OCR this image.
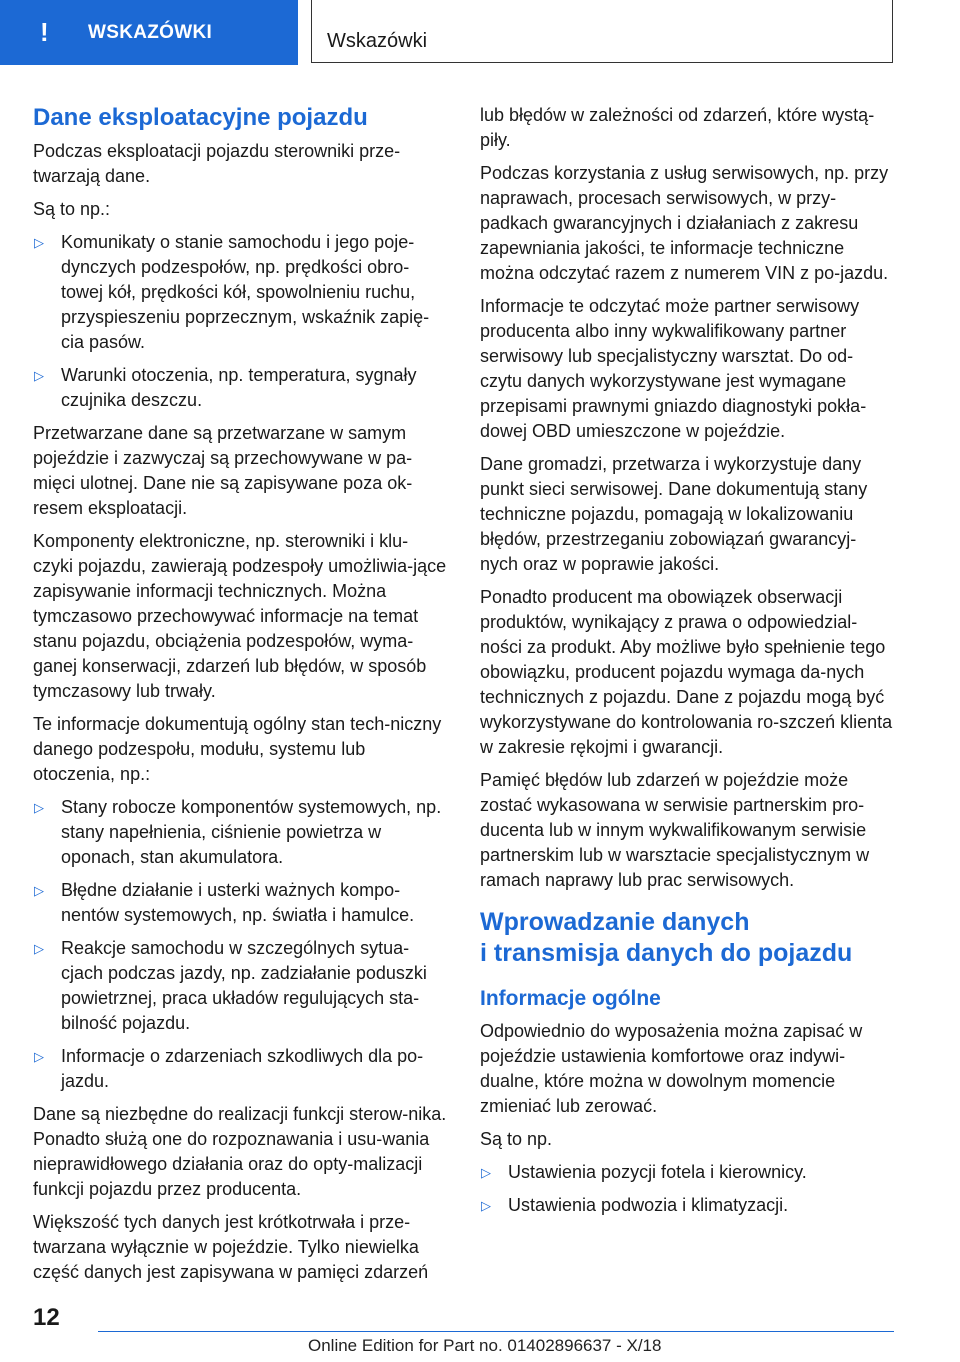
! WSKAZÓWKI	Wskazówki
Dane eksploatacyjne pojazdu

Podczas eksploatacji pojazdu sterowniki prze-twarzają dane.

Są to np.:

▷ Komunikaty o stanie samochodu i jego poje-dynczych podzespołów, np. prędkości obro-towej kół, prędkości kół, spowolnieniu ruchu, przyspieszeniu poprzecznym, wskaźnik zapię-cia pasów.
▷ Warunki otoczenia, np. temperatura, sygnały czujnika deszczu.

Przetwarzane dane są przetwarzane w samym pojeździe i zazwyczaj są przechowywane w pa-mięci ulotnej. Dane nie są zapisywane poza ok-resem eksploatacji.

Komponenty elektroniczne, np. sterowniki i klu-czyki pojazdu, zawierają podzespoły umożliwia-jące zapisywanie informacji technicznych. Można tymczasowo przechowywać informacje na temat stanu pojazdu, obciążenia podzespołów, wyma-ganej konserwacji, zdarzeń lub błędów, w sposób tymczasowy lub trwały.

Te informacje dokumentują ogólny stan tech-niczny danego podzespołu, modułu, systemu lub otoczenia, np.:

▷ Stany robocze komponentów systemowych, np. stany napełnienia, ciśnienie powietrza w oponach, stan akumulatora.
▷ Błędne działanie i usterki ważnych kompo-nentów systemowych, np. światła i hamulce.
▷ Reakcje samochodu w szczególnych sytua-cjach podczas jazdy, np. zadziałanie poduszki powietrznej, praca układów regulujących sta-bilność pojazdu.
▷ Informacje o zdarzeniach szkodliwych dla po-jazdu.

Dane są niezbędne do realizacji funkcji sterow-nika. Ponadto służą one do rozpoznawania i usu-wania nieprawidłowego działania oraz do opty-malizacji funkcji pojazdu przez producenta.

Większość tych danych jest krótkotrwała i prze-twarzana wyłącznie w pojeździe. Tylko niewielka część danych jest zapisywana w pamięci zdarzeń

lub błędów w zależności od zdarzeń, które wystą-piły.

Podczas korzystania z usług serwisowych, np. przy naprawach, procesach serwisowych, w przy-padkach gwarancyjnych i działaniach z zakresu zapewniania jakości, te informacje techniczne można odczytać razem z numerem VIN z po-jazdu.

Informacje te odczytać może partner serwisowy producenta albo inny wykwalifikowany partner serwisowy lub specjalistyczny warsztat. Do od-czytu danych wykorzystywane jest wymagane przepisami prawnymi gniazdo diagnostyki pokła-dowej OBD umieszczone w pojeździe.

Dane gromadzi, przetwarza i wykorzystuje dany punkt sieci serwisowej. Dane dokumentują stany techniczne pojazdu, pomagają w lokalizowaniu błędów, przestrzeganiu zobowiązań gwarancyj-nych oraz w poprawie jakości.

Ponadto producent ma obowiązek obserwacji produktów, wynikający z prawa o odpowiedzial-ności za produkt. Aby możliwe było spełnienie tego obowiązku, producent pojazdu wymaga da-nych technicznych z pojazdu. Dane z pojazdu mogą być wykorzystywane do kontrolowania ro-szczeń klienta w zakresie rękojmi i gwarancji.

Pamięć błędów lub zdarzeń w pojeździe może zostać wykasowana w serwisie partnerskim pro-ducenta lub w innym wykwalifikowanym serwisie partnerskim lub w warsztacie specjalistycznym w ramach naprawy lub prac serwisowych.

Wprowadzanie danych
i transmisja danych do pojazdu
Informacje ogólne

Odpowiednio do wyposażenia można zapisać w pojeździe ustawienia komfortowe oraz indywi-dualne, które można w dowolnym momencie zmieniać lub zerować.

Są to np.

▷ Ustawienia pozycji fotela i kierownicy.
▷ Ustawienia podwozia i klimatyzacji.
12
Online Edition for Part no. 01402896637 - X/18
